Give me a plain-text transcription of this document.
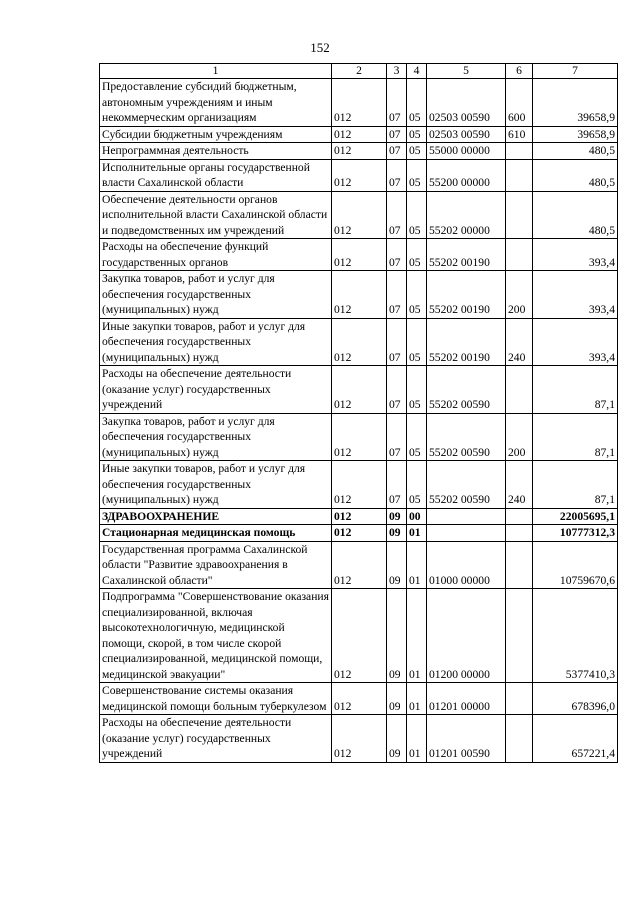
152
1	2	3	4	5	6	7
Предоставление субсидий бюджетным, автономным учреждениям и иным некоммерческим организациям	012	07	05	02503 00590	600	39658,9
Субсидии бюджетным учреждениям	012	07	05	02503 00590	610	39658,9
Непрограммная деятельность	012	07	05	55000 00000		480,5
Исполнительные органы государственной власти Сахалинской области	012	07	05	55200 00000		480,5
Обеспечение деятельности органов исполнительной власти Сахалинской области и подведомственных им учреждений	012	07	05	55202 00000		480,5
Расходы на обеспечение функций государственных органов	012	07	05	55202 00190		393,4
Закупка товаров, работ и услуг для обеспечения государственных (муниципальных) нужд	012	07	05	55202 00190	200	393,4
Иные закупки товаров, работ и услуг для обеспечения государственных (муниципальных) нужд	012	07	05	55202 00190	240	393,4
Расходы на обеспечение деятельности (оказание услуг) государственных учреждений	012	07	05	55202 00590		87,1
Закупка товаров, работ и услуг для обеспечения государственных (муниципальных) нужд	012	07	05	55202 00590	200	87,1
Иные закупки товаров, работ и услуг для обеспечения государственных (муниципальных) нужд	012	07	05	55202 00590	240	87,1
ЗДРАВООХРАНЕНИЕ	012	09	00			22005695,1
Стационарная медицинская помощь	012	09	01			10777312,3
Государственная программа Сахалинской области "Развитие здравоохранения в Сахалинской области"	012	09	01	01000 00000		10759670,6
Подпрограмма "Совершенствование оказания специализированной, включая высокотехнологичную, медицинской помощи, скорой, в том числе скорой специализированной, медицинской помощи, медицинской эвакуации"	012	09	01	01200 00000		5377410,3
Совершенствование системы оказания медицинской помощи больным туберкулезом	012	09	01	01201 00000		678396,0
Расходы на обеспечение деятельности (оказание услуг) государственных учреждений	012	09	01	01201 00590		657221,4
